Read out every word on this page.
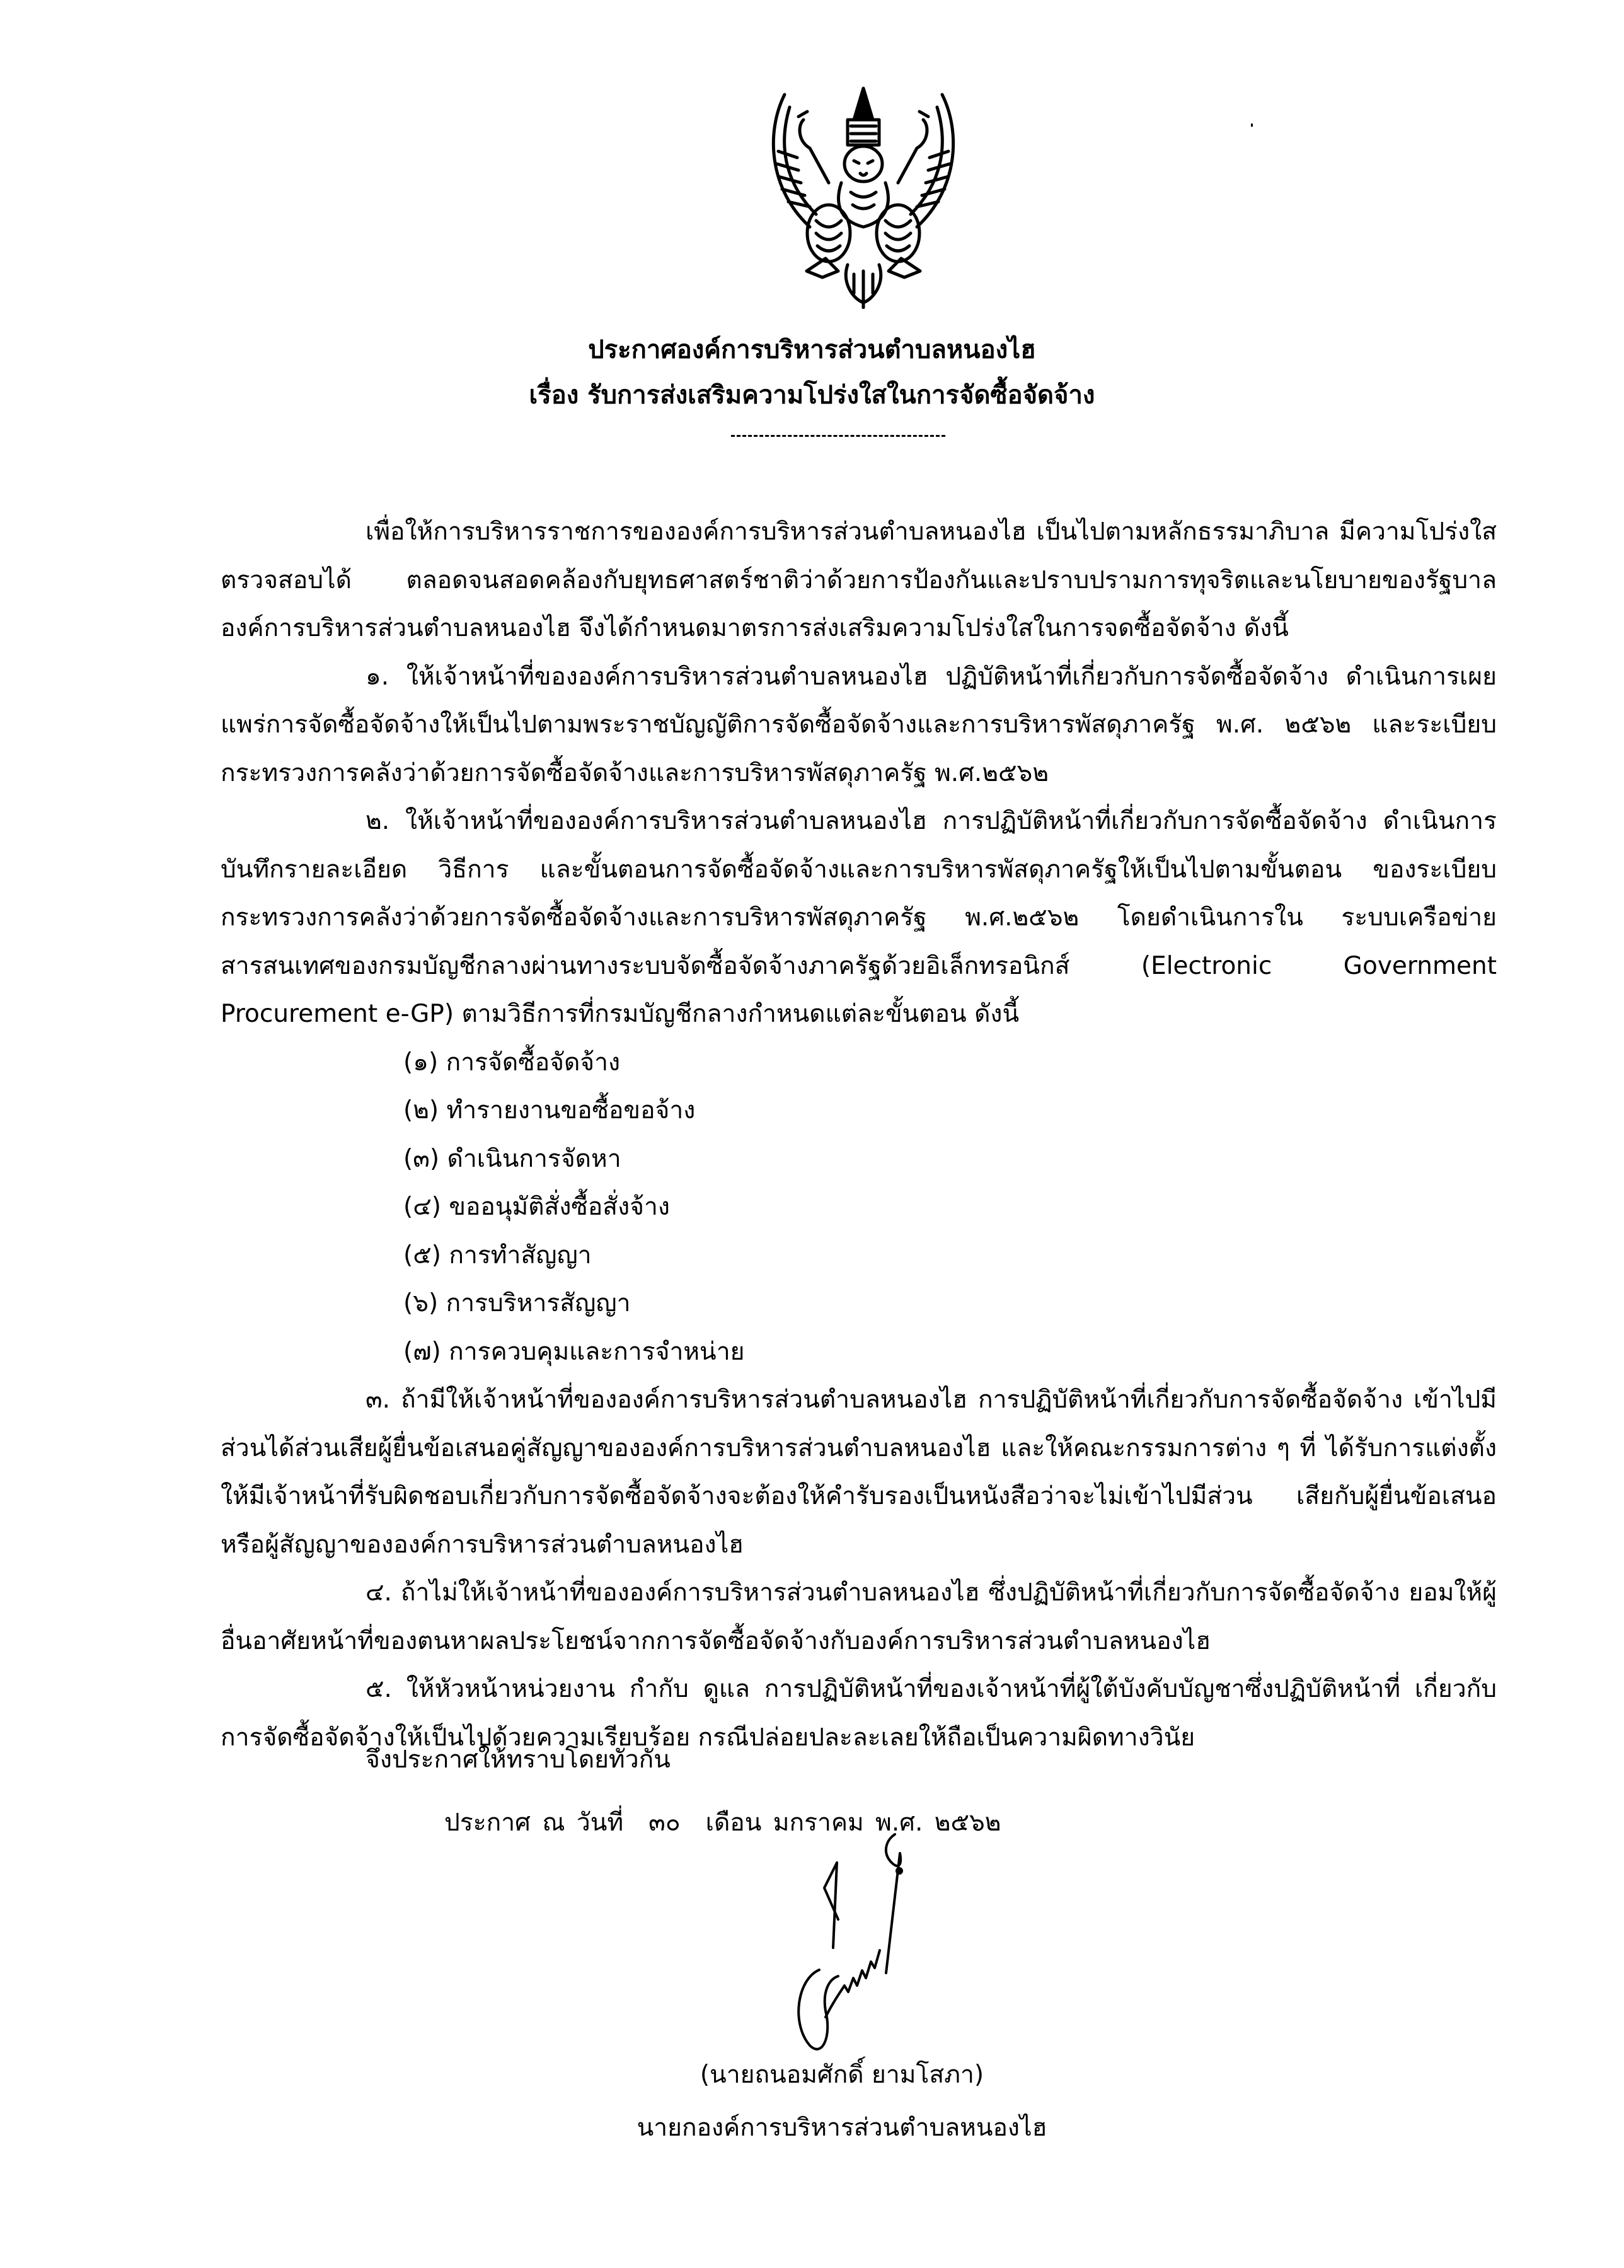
ประกาศองค์การบริหารส่วนตำบลหนองไฮ
เรื่อง รับการส่งเสริมความโปร่งใสในการจัดซื้อจัดจ้าง

เพื่อให้การบริหารราชการขององค์การบริหารส่วนตำบลหนองไฮ เป็นไปตามหลักธรรมาภิบาล มีความโปร่งใส ตรวจสอบได้ ตลอดจนสอดคล้องกับยุทธศาสตร์ชาติว่าด้วยการป้องกันและปราบปรามการทุจริตและนโยบายของรัฐบาล องค์การบริหารส่วนตำบลหนองไฮ จึงได้กำหนดมาตรการส่งเสริมความโปร่งใสในการจดซื้อจัดจ้าง ดังนี้

๑. ให้เจ้าหน้าที่ขององค์การบริหารส่วนตำบลหนองไฮ ปฏิบัติหน้าที่เกี่ยวกับการจัดซื้อจัดจ้าง ดำเนินการเผยแพร่การจัดซื้อจัดจ้างให้เป็นไปตามพระราชบัญญัติการจัดซื้อจัดจ้างและการบริหารพัสดุภาครัฐ พ.ศ. ๒๕๖๒ และระเบียบกระทรวงการคลังว่าด้วยการจัดซื้อจัดจ้างและการบริหารพัสดุภาครัฐ พ.ศ.๒๕๖๒

๒. ให้เจ้าหน้าที่ขององค์การบริหารส่วนตำบลหนองไฮ การปฏิบัติหน้าที่เกี่ยวกับการจัดซื้อจัดจ้าง ดำเนินการบันทึกรายละเอียด วิธีการ และขั้นตอนการจัดซื้อจัดจ้างและการบริหารพัสดุภาครัฐให้เป็นไปตามขั้นตอน ของระเบียบกระทรวงการคลังว่าด้วยการจัดซื้อจัดจ้างและการบริหารพัสดุภาครัฐ พ.ศ.๒๕๖๒ โดยดำเนินการใน ระบบเครือข่ายสารสนเทศของกรมบัญชีกลางผ่านทางระบบจัดซื้อจัดจ้างภาครัฐด้วยอิเล็กทรอนิกส์ (Electronic Government Procurement e-GP) ตามวิธีการที่กรมบัญชีกลางกำหนดแต่ละขั้นตอน ดังนี้

(๑) การจัดซื้อจัดจ้าง
(๒) ทำรายงานขอซื้อขอจ้าง
(๓) ดำเนินการจัดหา
(๔) ขออนุมัติสั่งซื้อสั่งจ้าง
(๕) การทำสัญญา
(๖) การบริหารสัญญา
(๗) การควบคุมและการจำหน่าย

๓. ถ้ามีให้เจ้าหน้าที่ขององค์การบริหารส่วนตำบลหนองไฮ การปฏิบัติหน้าที่เกี่ยวกับการจัดซื้อจัดจ้าง เข้าไปมีส่วนได้ส่วนเสียผู้ยื่นข้อเสนอคู่สัญญาขององค์การบริหารส่วนตำบลหนองไฮ และให้คณะกรรมการต่าง ๆ ที่ ได้รับการแต่งตั้งให้มีเจ้าหน้าที่รับผิดชอบเกี่ยวกับการจัดซื้อจัดจ้างจะต้องให้คำรับรองเป็นหนังสือว่าจะไม่เข้าไปมีส่วน เสียกับผู้ยื่นข้อเสนอหรือผู้สัญญาขององค์การบริหารส่วนตำบลหนองไฮ

๔. ถ้าไม่ให้เจ้าหน้าที่ขององค์การบริหารส่วนตำบลหนองไฮ ซึ่งปฏิบัติหน้าที่เกี่ยวกับการจัดซื้อจัดจ้าง ยอมให้ผู้อื่นอาศัยหน้าที่ของตนหาผลประโยชน์จากการจัดซื้อจัดจ้างกับองค์การบริหารส่วนตำบลหนองไฮ

๕. ให้หัวหน้าหน่วยงาน กำกับ ดูแล การปฏิบัติหน้าที่ของเจ้าหน้าที่ผู้ใต้บังคับบัญชาซึ่งปฏิบัติหน้าที่ เกี่ยวกับการจัดซื้อจัดจ้างให้เป็นไปด้วยความเรียบร้อย กรณีปล่อยปละละเลยให้ถือเป็นความผิดทางวินัย

จึงประกาศให้ทราบโดยทั่วกัน
ประกาศ ณ วันที่ ๓๐ เดือน มกราคม พ.ศ. ๒๕๖๒
(นายถนอมศักดิ์ ยามโสภา)
นายกองค์การบริหารส่วนตำบลหนองไฮ
